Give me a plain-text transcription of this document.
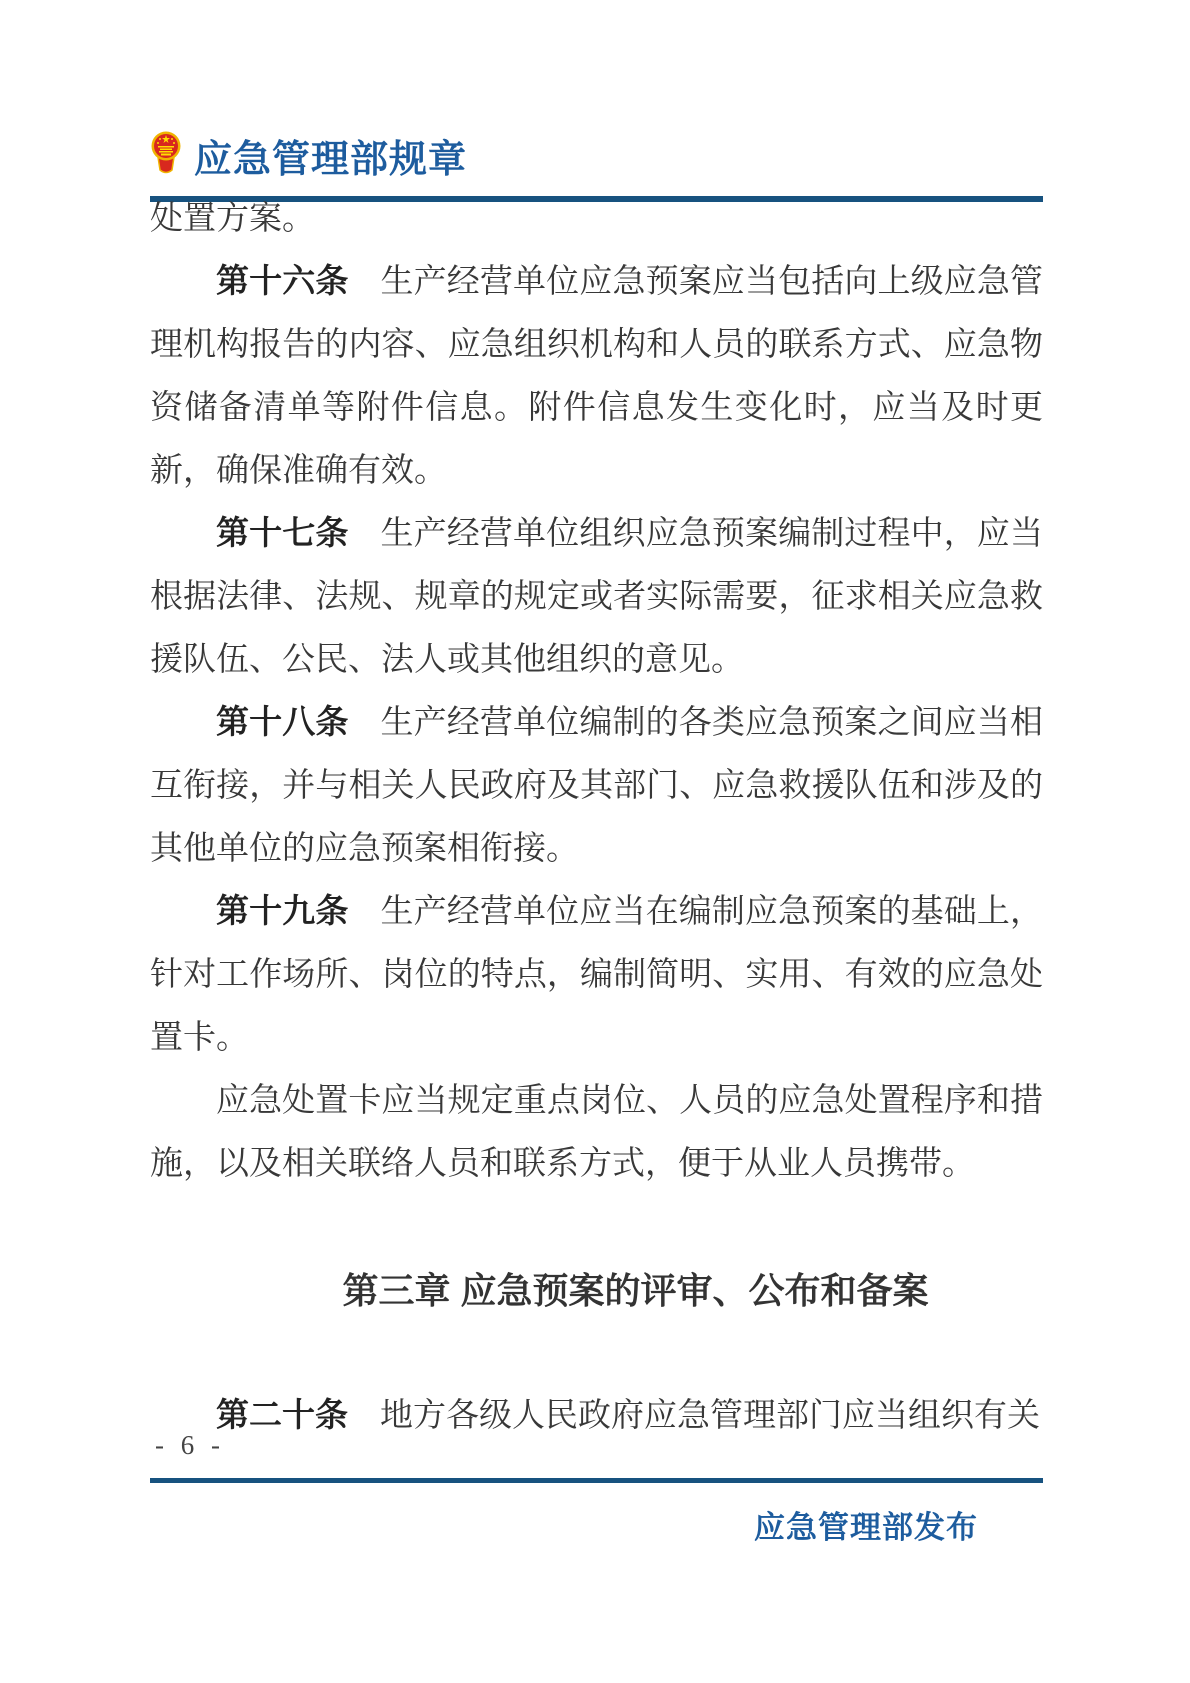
应急管理部规章

处置方案。

第十六条 生产经营单位应急预案应当包括向上级应急管理机构报告的内容、应急组织机构和人员的联系方式、应急物资储备清单等附件信息。附件信息发生变化时，应当及时更新，确保准确有效。

第十七条 生产经营单位组织应急预案编制过程中，应当根据法律、法规、规章的规定或者实际需要，征求相关应急救援队伍、公民、法人或其他组织的意见。

第十八条 生产经营单位编制的各类应急预案之间应当相互衔接，并与相关人民政府及其部门、应急救援队伍和涉及的其他单位的应急预案相衔接。

第十九条 生产经营单位应当在编制应急预案的基础上，针对工作场所、岗位的特点，编制简明、实用、有效的应急处置卡。

应急处置卡应当规定重点岗位、人员的应急处置程序和措施，以及相关联络人员和联系方式，便于从业人员携带。

第三章 应急预案的评审、公布和备案

第二十条 地方各级人民政府应急管理部门应当组织有关

- 6 -
应急管理部发布
